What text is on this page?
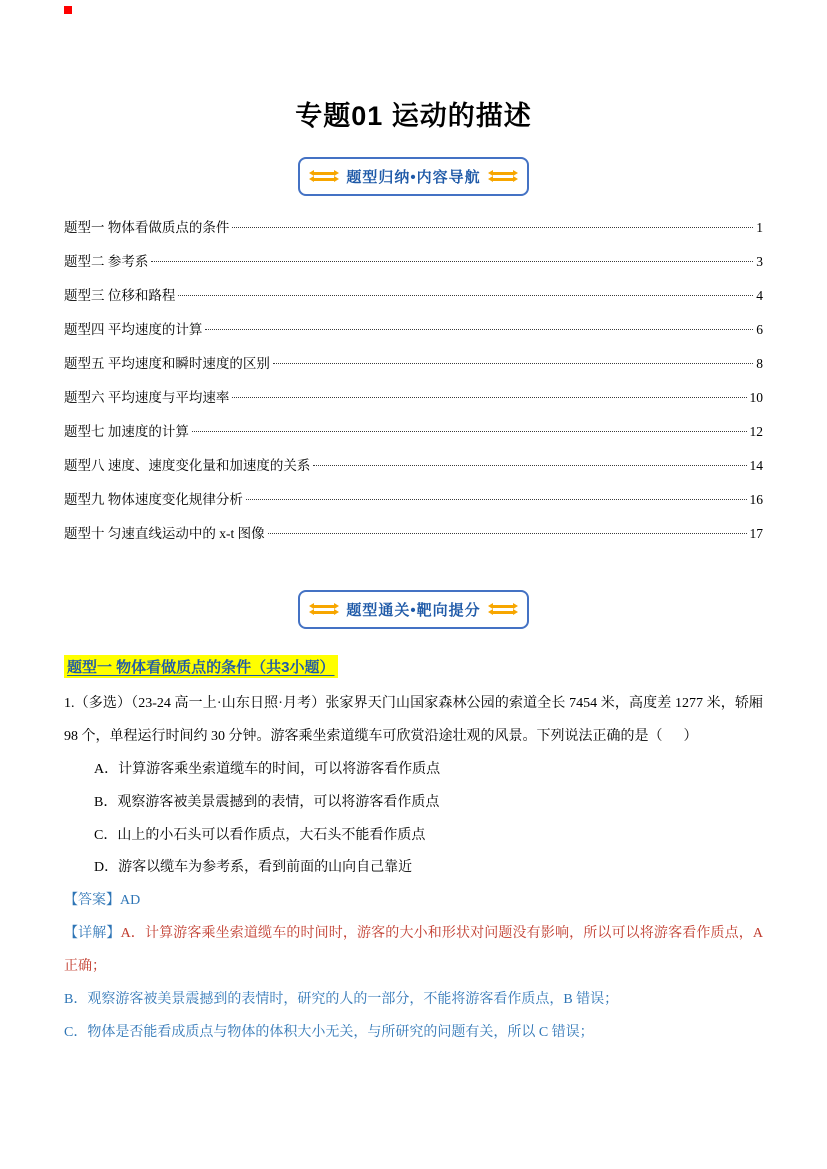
专题01 运动的描述
题型归纳•内容导航
题型一 物体看做质点的条件	1
题型二 参考系	3
题型三 位移和路程	4
题型四 平均速度的计算	6
题型五 平均速度和瞬时速度的区别	8
题型六 平均速度与平均速率	10
题型七 加速度的计算	12
题型八 速度、速度变化量和加速度的关系	14
题型九 物体速度变化规律分析	16
题型十 匀速直线运动中的 x-t 图像	17
题型通关•靶向提分
题型一 物体看做质点的条件（共3小题）

1.（多选）（23-24 高一上·山东日照·月考）张家界天门山国家森林公园的索道全长 7454 米，高度差 1277 米，轿厢 98 个，单程运行时间约 30 分钟。游客乘坐索道缆车可欣赏沿途壮观的风景。下列说法正确的是（      ）

A．计算游客乘坐索道缆车的时间，可以将游客看作质点

B．观察游客被美景震撼到的表情，可以将游客看作质点

C．山上的小石头可以看作质点，大石头不能看作质点

D．游客以缆车为参考系，看到前面的山向自己靠近

【答案】AD

【详解】A．计算游客乘坐索道缆车的时间时，游客的大小和形状对问题没有影响，所以可以将游客看作质点，A 正确；

B．观察游客被美景震撼到的表情时，研究的人的一部分，不能将游客看作质点，B 错误；

C．物体是否能看成质点与物体的体积大小无关，与所研究的问题有关，所以 C 错误；
